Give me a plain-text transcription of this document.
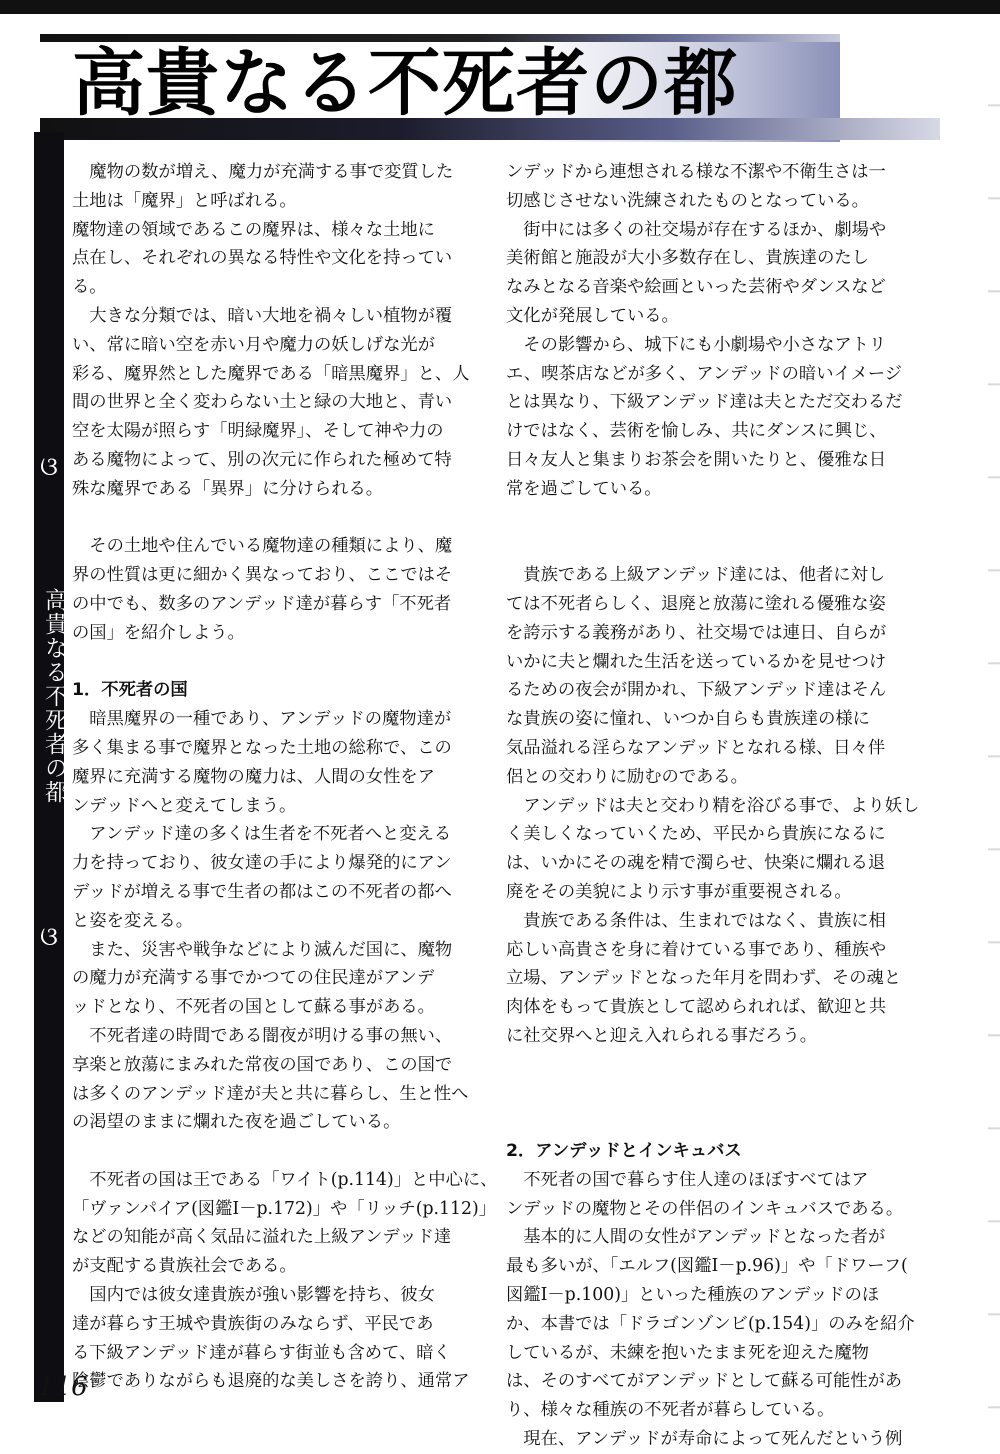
高貴なる不死者の都
ଓ
高貴なる不死者の都
ଓ

　魔物の数が増え、魔力が充満する事で変質した

土地は「魔界」と呼ばれる。

魔物達の領域であるこの魔界は、様々な土地に

点在し、それぞれの異なる特性や文化を持ってい

る。

　大きな分類では、暗い大地を禍々しい植物が覆

い、常に暗い空を赤い月や魔力の妖しげな光が

彩る、魔界然とした魔界である「暗黒魔界」と、人

間の世界と全く変わらない土と緑の大地と、青い

空を太陽が照らす「明緑魔界」、そして神や力の

ある魔物によって、別の次元に作られた極めて特

殊な魔界である「異界」に分けられる。

　その土地や住んでいる魔物達の種類により、魔

界の性質は更に細かく異なっており、ここではそ

の中でも、数多のアンデッド達が暮らす「不死者

の国」を紹介しよう。

1．不死者の国

　暗黒魔界の一種であり、アンデッドの魔物達が

多く集まる事で魔界となった土地の総称で、この

魔界に充満する魔物の魔力は、人間の女性をア

ンデッドへと変えてしまう。

　アンデッド達の多くは生者を不死者へと変える

力を持っており、彼女達の手により爆発的にアン

デッドが増える事で生者の都はこの不死者の都へ

と姿を変える。

　また、災害や戦争などにより滅んだ国に、魔物

の魔力が充満する事でかつての住民達がアンデ

ッドとなり、不死者の国として蘇る事がある。

　不死者達の時間である闇夜が明ける事の無い、

享楽と放蕩にまみれた常夜の国であり、この国で

は多くのアンデッド達が夫と共に暮らし、生と性へ

の渇望のままに爛れた夜を過ごしている。

　不死者の国は王である「ワイト(p.114)」と中心に、

「ヴァンパイア(図鑑Ⅰ－p.172)」や「リッチ(p.112)」

などの知能が高く気品に溢れた上級アンデッド達

が支配する貴族社会である。

　国内では彼女達貴族が強い影響を持ち、彼女

達が暮らす王城や貴族街のみならず、平民であ

る下級アンデッド達が暮らす街並も含めて、暗く

陰鬱でありながらも退廃的な美しさを誇り、通常ア

ンデッドから連想される様な不潔や不衛生さは一

切感じさせない洗練されたものとなっている。

　街中には多くの社交場が存在するほか、劇場や

美術館と施設が大小多数存在し、貴族達のたし

なみとなる音楽や絵画といった芸術やダンスなど

文化が発展している。

　その影響から、城下にも小劇場や小さなアトリ

エ、喫茶店などが多く、アンデッドの暗いイメージ

とは異なり、下級アンデッド達は夫とただ交わるだ

けではなく、芸術を愉しみ、共にダンスに興じ、

日々友人と集まりお茶会を開いたりと、優雅な日

常を過ごしている。

　貴族である上級アンデッド達には、他者に対し

ては不死者らしく、退廃と放蕩に塗れる優雅な姿

を誇示する義務があり、社交場では連日、自らが

いかに夫と爛れた生活を送っているかを見せつけ

るための夜会が開かれ、下級アンデッド達はそん

な貴族の姿に憧れ、いつか自らも貴族達の様に

気品溢れる淫らなアンデッドとなれる様、日々伴

侶との交わりに励むのである。

　アンデッドは夫と交わり精を浴びる事で、より妖し

く美しくなっていくため、平民から貴族になるに

は、いかにその魂を精で濁らせ、快楽に爛れる退

廃をその美貌により示す事が重要視される。

　貴族である条件は、生まれではなく、貴族に相

応しい高貴さを身に着けている事であり、種族や

立場、アンデッドとなった年月を問わず、その魂と

肉体をもって貴族として認められれば、歓迎と共

に社交界へと迎え入れられる事だろう。

2．アンデッドとインキュバス

　不死者の国で暮らす住人達のほぼすべてはア

ンデッドの魔物とその伴侶のインキュバスである。

　基本的に人間の女性がアンデッドとなった者が

最も多いが、「エルフ(図鑑Ⅰ－p.96)」や「ドワーフ(

図鑑Ⅰ－p.100)」といった種族のアンデッドのほ

か、本書では「ドラゴンゾンビ(p.154)」のみを紹介

しているが、未練を抱いたまま死を迎えた魔物

は、そのすべてがアンデッドとして蘇る可能性があ

り、様々な種族の不死者が暮らしている。

　現在、アンデッドが寿命によって死んだという例

116
